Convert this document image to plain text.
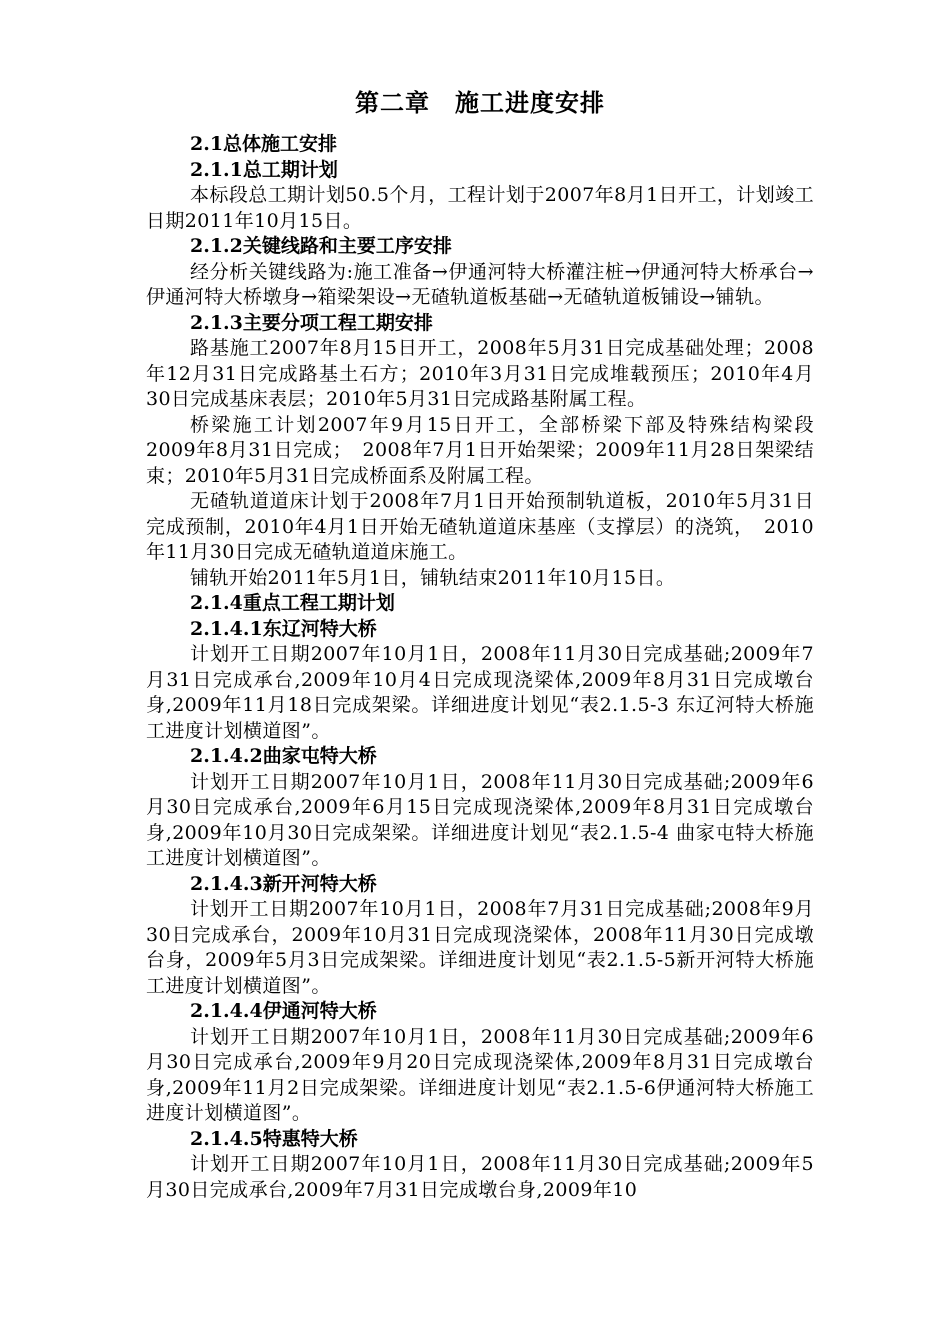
第二章　施工进度安排

2.1总体施工安排

2.1.1总工期计划

本标段总工期计划50.5个月，工程计划于2007年8月1日开工，计划竣工日期2011年10月15日。

2.1.2关键线路和主要工序安排

经分析关键线路为:施工准备→伊通河特大桥灌注桩→伊通河特大桥承台→伊通河特大桥墩身→箱梁架设→无碴轨道板基础→无碴轨道板铺设→铺轨。

2.1.3主要分项工程工期安排

路基施工2007年8月15日开工，2008年5月31日完成基础处理；2008年12月31日完成路基土石方；2010年3月31日完成堆载预压；2010年4月30日完成基床表层；2010年5月31日完成路基附属工程。

桥梁施工计划2007年9月15日开工，全部桥梁下部及特殊结构梁段 2009年8月31日完成；　2008年7月1日开始架梁；2009年11月28日架梁结束；2010年5月31日完成桥面系及附属工程。

无碴轨道道床计划于2008年7月1日开始预制轨道板，2010年5月31日完成预制，2010年4月1日开始无碴轨道道床基座（支撑层）的浇筑，　2010年11月30日完成无碴轨道道床施工。

铺轨开始2011年5月1日，铺轨结束2011年10月15日。

2.1.4重点工程工期计划

2.1.4.1东辽河特大桥

计划开工日期2007年10月1日，2008年11月30日完成基础;2009年7月31日完成承台,2009年10月4日完成现浇梁体,2009年8月31日完成墩台身,2009年11月18日完成架梁。详细进度计划见“表2.1.5-3 东辽河特大桥施工进度计划横道图”。

2.1.4.2曲家屯特大桥

计划开工日期2007年10月1日，2008年11月30日完成基础;2009年6月30日完成承台,2009年6月15日完成现浇梁体,2009年8月31日完成墩台身,2009年10月30日完成架梁。详细进度计划见“表2.1.5-4 曲家屯特大桥施工进度计划横道图”。

2.1.4.3新开河特大桥

计划开工日期2007年10月1日，2008年7月31日完成基础;2008年9月30日完成承台，2009年10月31日完成现浇梁体，2008年11月30日完成墩台身，2009年5月3日完成架梁。详细进度计划见“表2.1.5-5新开河特大桥施工进度计划横道图”。

2.1.4.4伊通河特大桥

计划开工日期2007年10月1日，2008年11月30日完成基础;2009年6月30日完成承台,2009年9月20日完成现浇梁体,2009年8月31日完成墩台身,2009年11月2日完成架梁。详细进度计划见“表2.1.5-6伊通河特大桥施工进度计划横道图”。

2.1.4.5特惠特大桥

计划开工日期2007年10月1日，2008年11月30日完成基础;2009年5月30日完成承台,2009年7月31日完成墩台身,2009年10
